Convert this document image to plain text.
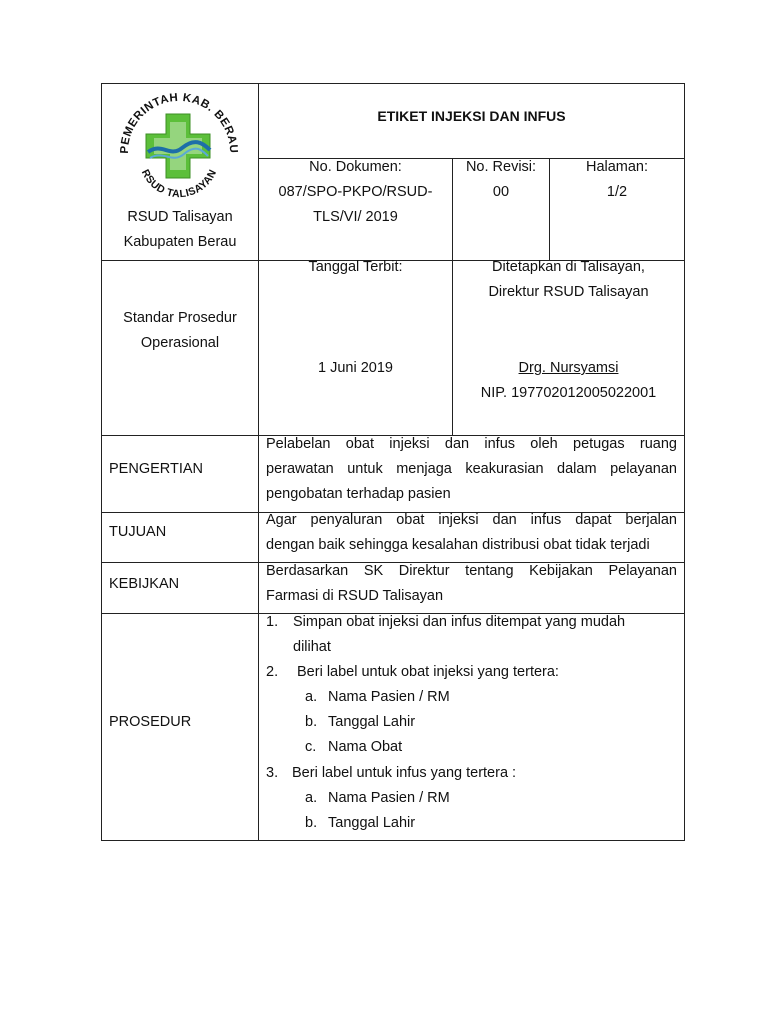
PEMERINTAH KAB. BERAU
RSUD TALISAYAN
RSUD Talisayan
Kabupaten Berau
ETIKET INJEKSI DAN INFUS
No. Dokumen:
087/SPO-PKPO/RSUD-
TLS/VI/ 2019
No. Revisi:
00
Halaman:
1/2
Standar Prosedur
Operasional
Tanggal Terbit:
1 Juni 2019
Ditetapkan di Talisayan,
Direktur RSUD Talisayan
Drg. Nursyamsi
NIP. 197702012005022001
PENGERTIAN
Pelabelan obat injeksi dan infus oleh petugas ruang
perawatan untuk menjaga keakurasian dalam pelayanan
pengobatan terhadap pasien
TUJUAN
Agar penyaluran obat injeksi dan infus dapat berjalan
dengan baik sehingga kesalahan distribusi obat tidak terjadi
KEBIJKAN
Berdasarkan SK Direktur tentang Kebijakan Pelayanan
Farmasi di RSUD Talisayan
PROSEDUR
1. Simpan obat injeksi dan infus ditempat yang mudah
dilihat
2. Beri label untuk obat injeksi yang tertera:
a. Nama Pasien / RM
b. Tanggal Lahir
c. Nama Obat
3. Beri label untuk infus yang tertera :
a. Nama Pasien / RM
b. Tanggal Lahir
